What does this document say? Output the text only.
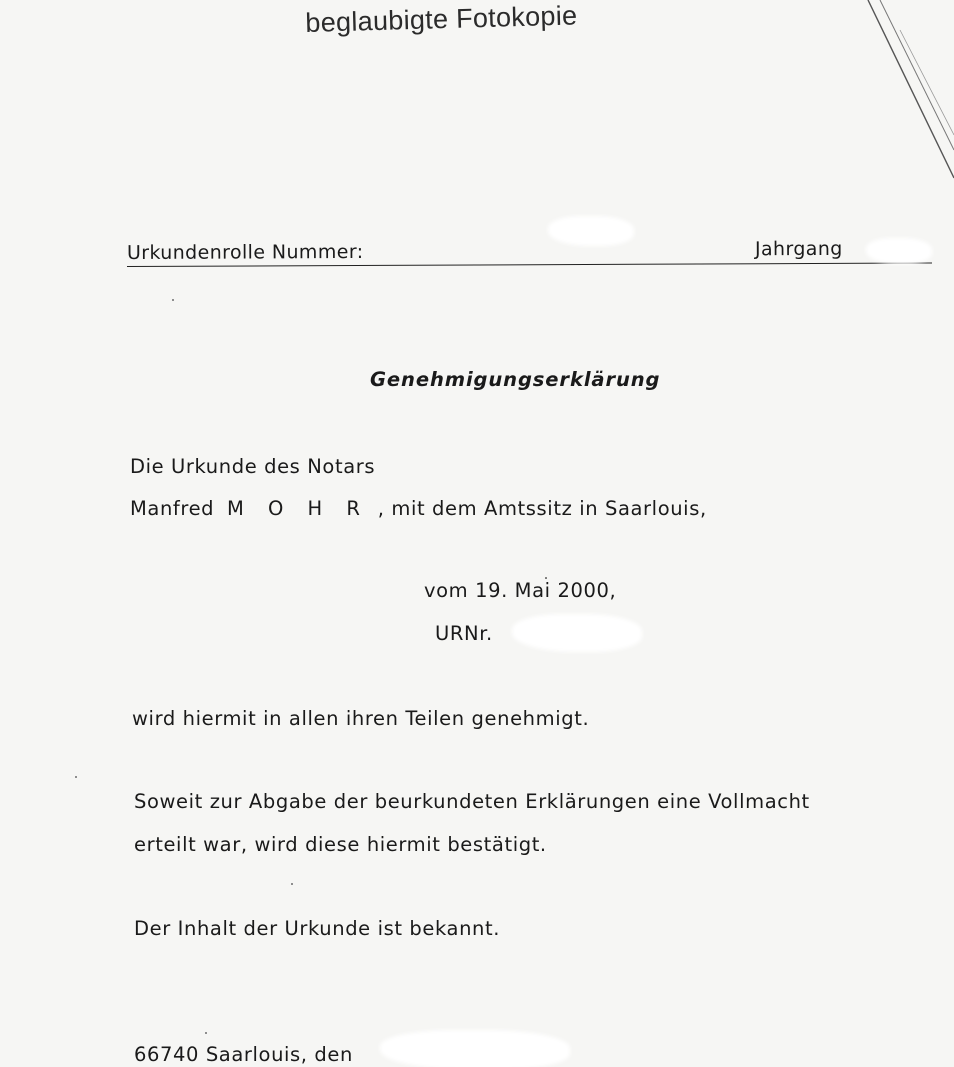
beglaubigte Fotokopie
Urkundenrolle Nummer:	Jahrgang
Genehmigungserklärung
Die Urkunde des Notars
Manfred M O H R , mit dem Amtssitz in Saarlouis,
vom 19. Mai 2000,
URNr.
wird hiermit in allen ihren Teilen genehmigt.
Soweit zur Abgabe der beurkundeten Erklärungen eine Vollmacht
erteilt war, wird diese hiermit bestätigt.
Der Inhalt der Urkunde ist bekannt.
66740 Saarlouis, den
